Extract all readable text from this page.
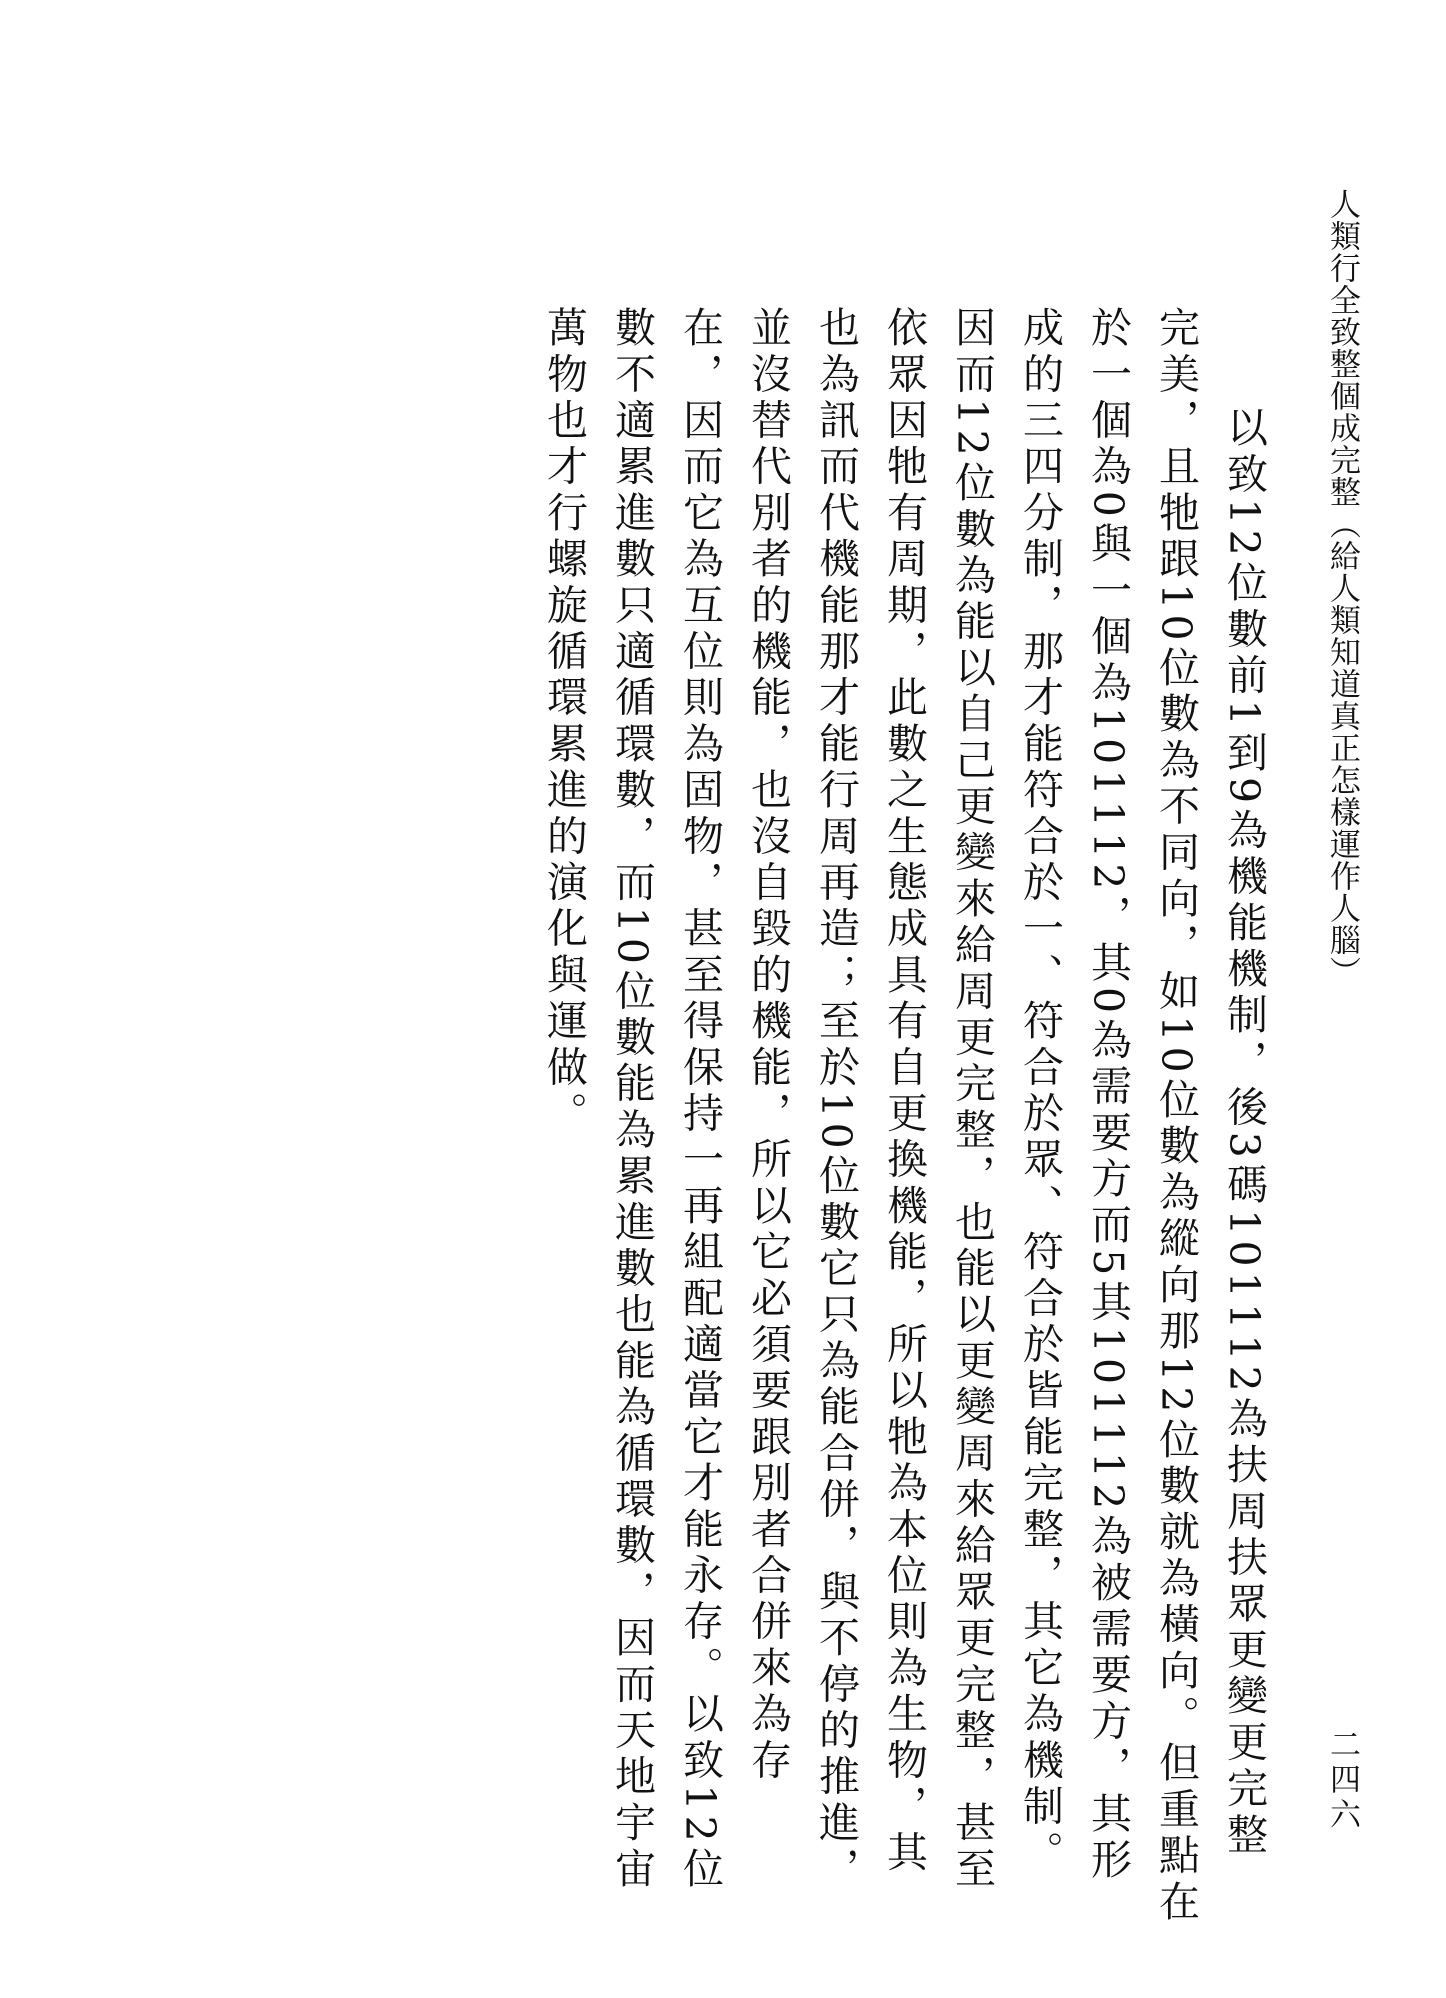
人類行全致整個成完整（給人類知道真正怎樣運作人腦）
二四六
以致12位數前1到9為機能機制，後3碼101112為扶周扶眾更變更完整
完美，且牠跟10位數為不同向，如10位數為縱向那12位數就為橫向。但重點在
於一個為0與一個為101112，其0為需要方而5其101112為被需要方，其形
成的三四分制，那才能符合於一、符合於眾、符合於皆能完整，其它為機制。
因而12位數為能以自己更變來給周更完整，也能以更變周來給眾更完整，甚至
依眾因牠有周期，此數之生態成具有自更換機能，所以牠為本位則為生物，其
也為訊而代機能那才能行周再造；至於10位數它只為能合併，與不停的推進，
並沒替代別者的機能，也沒自毀的機能，所以它必須要跟別者合併來為存
在，因而它為互位則為固物，甚至得保持一再組配適當它才能永存。以致12位
數不適累進數只適循環數，而10位數能為累進數也能為循環數，因而天地宇宙
萬物也才行螺旋循環累進的演化與運做。
